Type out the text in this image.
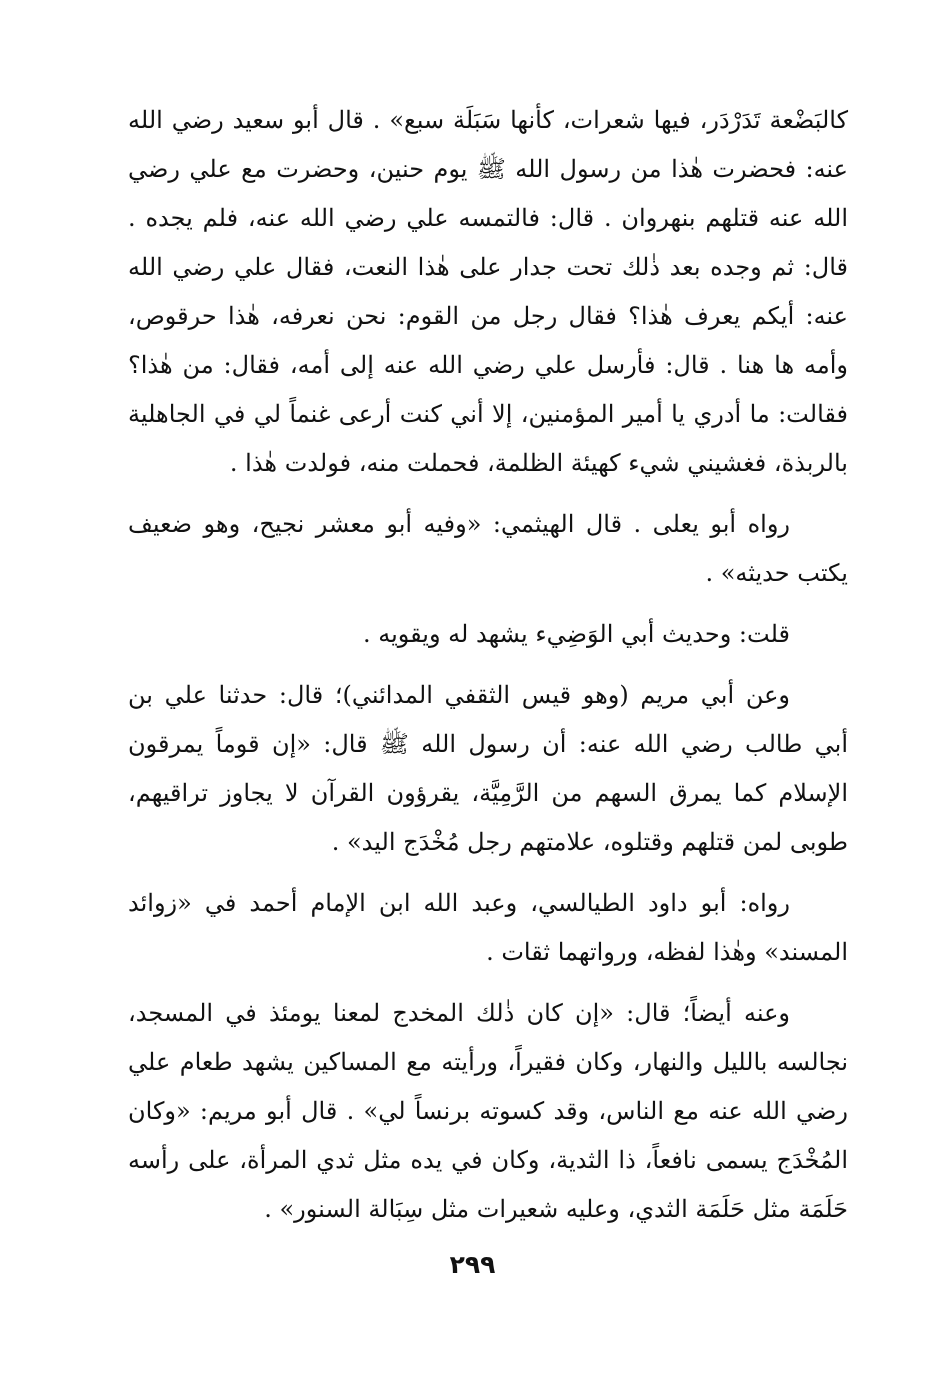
كالبَضْعة تَدَرْدَر، فيها شعرات، كأنها سَبَلَة سبع» . قال أبو سعيد رضي الله عنه: فحضرت هٰذا من رسول الله ﷺ يوم حنين، وحضرت مع علي رضي الله عنه قتلهم بنهروان . قال: فالتمسه علي رضي الله عنه، فلم يجده . قال: ثم وجده بعد ذٰلك تحت جدار على هٰذا النعت، فقال علي رضي الله عنه: أيكم يعرف هٰذا؟ فقال رجل من القوم: نحن نعرفه، هٰذا حرقوص، وأمه ها هنا . قال: فأرسل علي رضي الله عنه إلى أمه، فقال: من هٰذا؟ فقالت: ما أدري يا أمير المؤمنين، إلا أني كنت أرعى غنماً لي في الجاهلية بالربذة، فغشيني شيء كهيئة الظلمة، فحملت منه، فولدت هٰذا .

رواه أبو يعلى . قال الهيثمي: «وفيه أبو معشر نجيح، وهو ضعيف يكتب حديثه» .

قلت: وحديث أبي الوَضِيء يشهد له ويقويه .

وعن أبي مريم (وهو قيس الثقفي المدائني)؛ قال: حدثنا علي بن أبي طالب رضي الله عنه: أن رسول الله ﷺ قال: «إن قوماً يمرقون الإسلام كما يمرق السهم من الرَّمِيَّة، يقرؤون القرآن لا يجاوز تراقيهم، طوبى لمن قتلهم وقتلوه، علامتهم رجل مُخْدَج اليد» .

رواه: أبو داود الطيالسي، وعبد الله ابن الإمام أحمد في «زوائد المسند» وهٰذا لفظه، ورواتهما ثقات .

وعنه أيضاً؛ قال: «إن كان ذٰلك المخدج لمعنا يومئذ في المسجد، نجالسه بالليل والنهار، وكان فقيراً، ورأيته مع المساكين يشهد طعام علي رضي الله عنه مع الناس، وقد كسوته برنساً لي» . قال أبو مريم: «وكان المُخْدَج يسمى نافعاً، ذا الثدية، وكان في يده مثل ثدي المرأة، على رأسه حَلَمَة مثل حَلَمَة الثدي، وعليه شعيرات مثل سِبَالة السنور» .

٢٩٩
